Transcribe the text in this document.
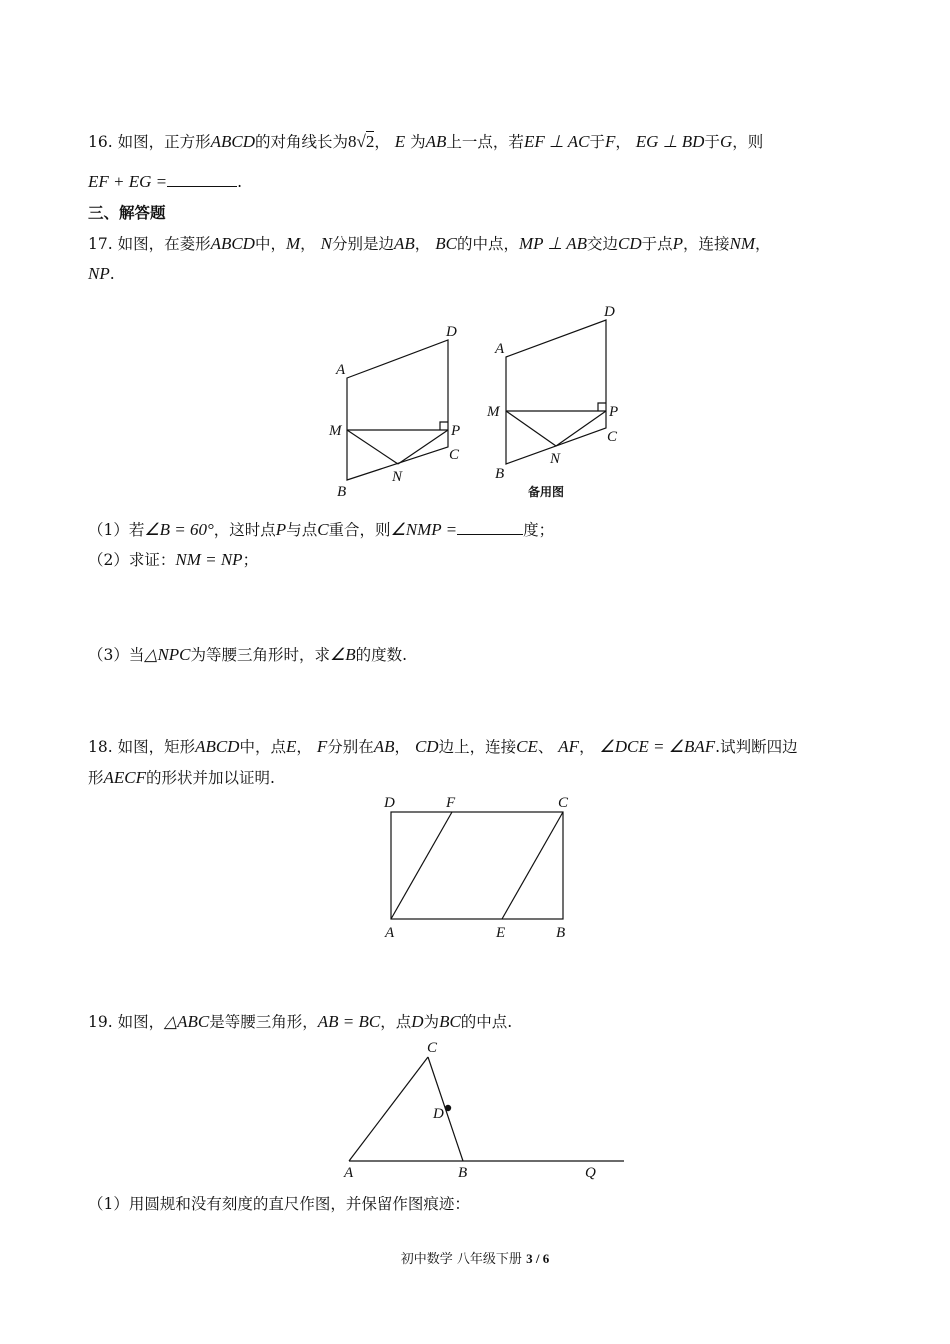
16. 如图，正方形ABCD的对角线长为8√2， E 为AB上一点，若EF ⊥ AC于F， EG ⊥ BD于G，则
EF + EG =	.
三、解答题
17. 如图，在菱形ABCD中，M， N分别是边AB， BC的中点，MP ⊥ AB交边CD于点P，连接NM，
NP.
A
D
M	P
C
N
B
A
D
M	P
C
N
B
备用图
D	F	C
A	E	B
C
D
A	B	Q
（1）若∠B = 60°，这时点P与点C重合，则∠NMP =	度；
（2）求证：NM = NP；
（3）当△NPC为等腰三角形时，求∠B的度数.
18. 如图，矩形ABCD中，点E， F分别在AB， CD边上，连接CE、 AF， ∠DCE = ∠BAF.试判断四边
形AECF的形状并加以证明.
19. 如图，△ABC是等腰三角形，AB = BC，点D为BC的中点.
（1）用圆规和没有刻度的直尺作图，并保留作图痕迹：
初中数学 八年级下册 3 / 6
